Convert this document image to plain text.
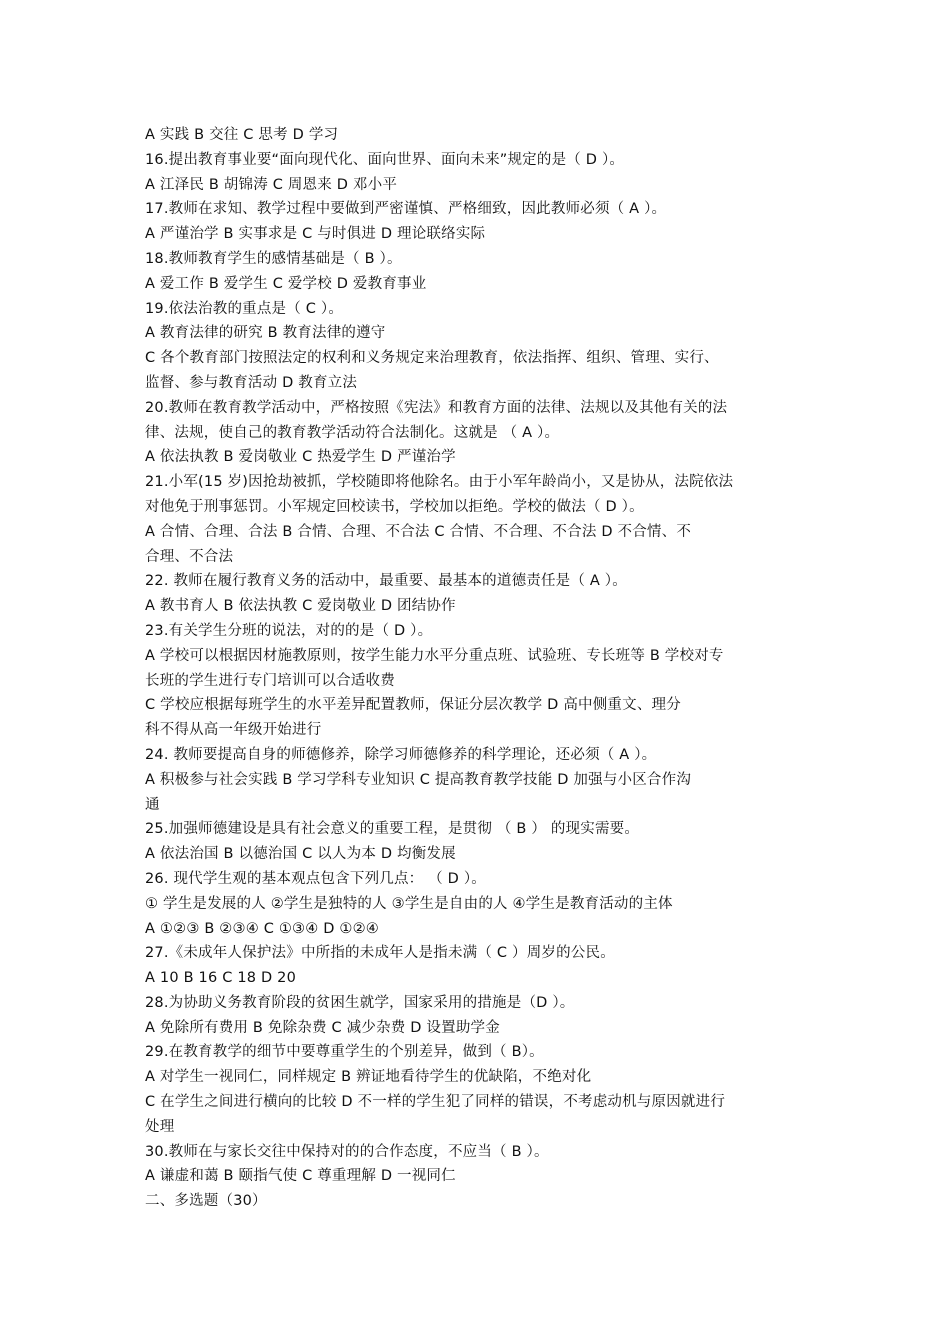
A 实践 B 交往 C 思考 D 学习
16.提出教育事业要“面向现代化、面向世界、面向未来”规定的是（ D ）。
A 江泽民 B 胡锦涛 C 周恩来 D 邓小平
17.教师在求知、教学过程中要做到严密谨慎、严格细致，因此教师必须（ A ）。
A 严谨治学 B 实事求是 C 与时俱进 D 理论联络实际
18.教师教育学生的感情基础是（ B ）。
A 爱工作 B 爱学生 C 爱学校 D 爱教育事业
19.依法治教的重点是（ C ）。
A 教育法律的研究 B 教育法律的遵守
C 各个教育部门按照法定的权利和义务规定来治理教育，依法指挥、组织、管理、实行、
监督、参与教育活动 D 教育立法
20.教师在教育教学活动中，严格按照《宪法》和教育方面的法律、法规以及其他有关的法
律、法规，使自己的教育教学活动符合法制化。这就是 （ A ）。
A 依法执教 B 爱岗敬业 C 热爱学生 D 严谨治学
21.小军(15 岁)因抢劫被抓，学校随即将他除名。由于小军年龄尚小，又是协从，法院依法
对他免于刑事惩罚。小军规定回校读书，学校加以拒绝。学校的做法（ D ）。
A 合情、合理、合法 B 合情、合理、不合法 C 合情、不合理、不合法 D 不合情、不
合理、不合法
22. 教师在履行教育义务的活动中，最重要、最基本的道德责任是（ A ）。
A 教书育人 B 依法执教 C 爱岗敬业 D 团结协作
23.有关学生分班的说法，对的的是（ D ）。
A 学校可以根据因材施教原则，按学生能力水平分重点班、试验班、专长班等 B 学校对专
长班的学生进行专门培训可以合适收费
C 学校应根据每班学生的水平差异配置教师，保证分层次教学 D 高中侧重文、理分
科不得从高一年级开始进行
24. 教师要提高自身的师德修养，除学习师德修养的科学理论，还必须（ A ）。
A 积极参与社会实践 B 学习学科专业知识 C 提高教育教学技能 D 加强与小区合作沟
通
25.加强师德建设是具有社会意义的重要工程，是贯彻 （ B ） 的现实需要。
A 依法治国 B 以德治国 C 以人为本 D 均衡发展
26. 现代学生观的基本观点包含下列几点： （ D ）。
① 学生是发展的人 ②学生是独特的人 ③学生是自由的人 ④学生是教育活动的主体
A ①②③ B ②③④ C ①③④ D ①②④
27.《未成年人保护法》中所指的未成年人是指未满（ C ）周岁的公民。
A 10 B 16 C 18 D 20
28.为协助义务教育阶段的贫困生就学，国家采用的措施是（D ）。
A 免除所有费用 B 免除杂费 C 减少杂费 D 设置助学金
29.在教育教学的细节中要尊重学生的个别差异，做到（ B）。
A 对学生一视同仁，同样规定 B 辨证地看待学生的优缺陷，不绝对化
C 在学生之间进行横向的比较 D 不一样的学生犯了同样的错误，不考虑动机与原因就进行
处理
30.教师在与家长交往中保持对的的合作态度，不应当（ B ）。
A 谦虚和蔼 B 颐指气使 C 尊重理解 D 一视同仁
二、多选题（30）
